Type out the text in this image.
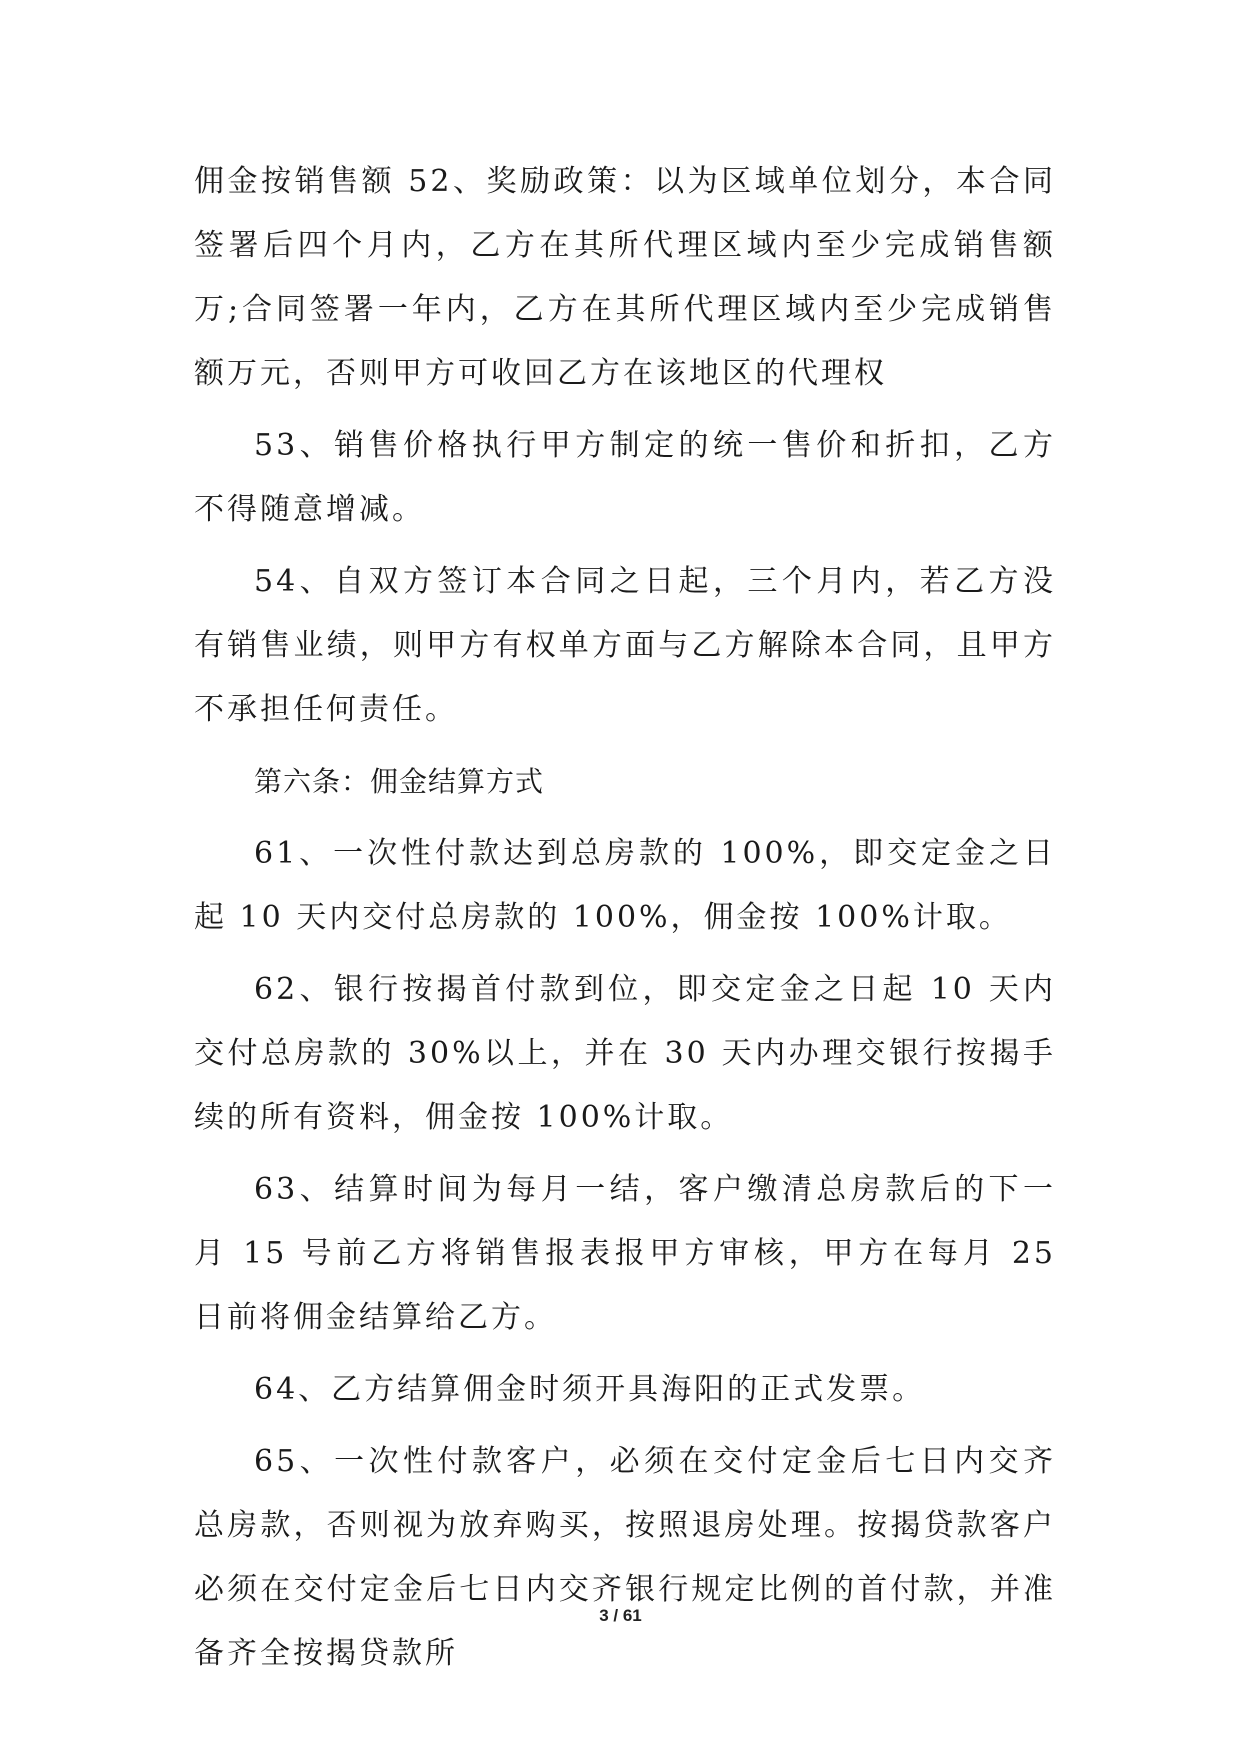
佣金按销售额 52、奖励政策：以为区域单位划分，本合同签署后四个月内，乙方在其所代理区域内至少完成销售额万;合同签署一年内，乙方在其所代理区域内至少完成销售额万元，否则甲方可收回乙方在该地区的代理权

53、销售价格执行甲方制定的统一售价和折扣，乙方不得随意增减。

54、自双方签订本合同之日起，三个月内，若乙方没有销售业绩，则甲方有权单方面与乙方解除本合同，且甲方不承担任何责任。

第六条：佣金结算方式

61、一次性付款达到总房款的 100%，即交定金之日起 10 天内交付总房款的 100%，佣金按 100%计取。

62、银行按揭首付款到位，即交定金之日起 10 天内交付总房款的 30%以上，并在 30 天内办理交银行按揭手续的所有资料，佣金按 100%计取。

63、结算时间为每月一结，客户缴清总房款后的下一月 15 号前乙方将销售报表报甲方审核，甲方在每月 25 日前将佣金结算给乙方。

64、乙方结算佣金时须开具海阳的正式发票。

65、一次性付款客户，必须在交付定金后七日内交齐总房款，否则视为放弃购买，按照退房处理。按揭贷款客户必须在交付定金后七日内交齐银行规定比例的首付款，并准备齐全按揭贷款所

3 / 61
